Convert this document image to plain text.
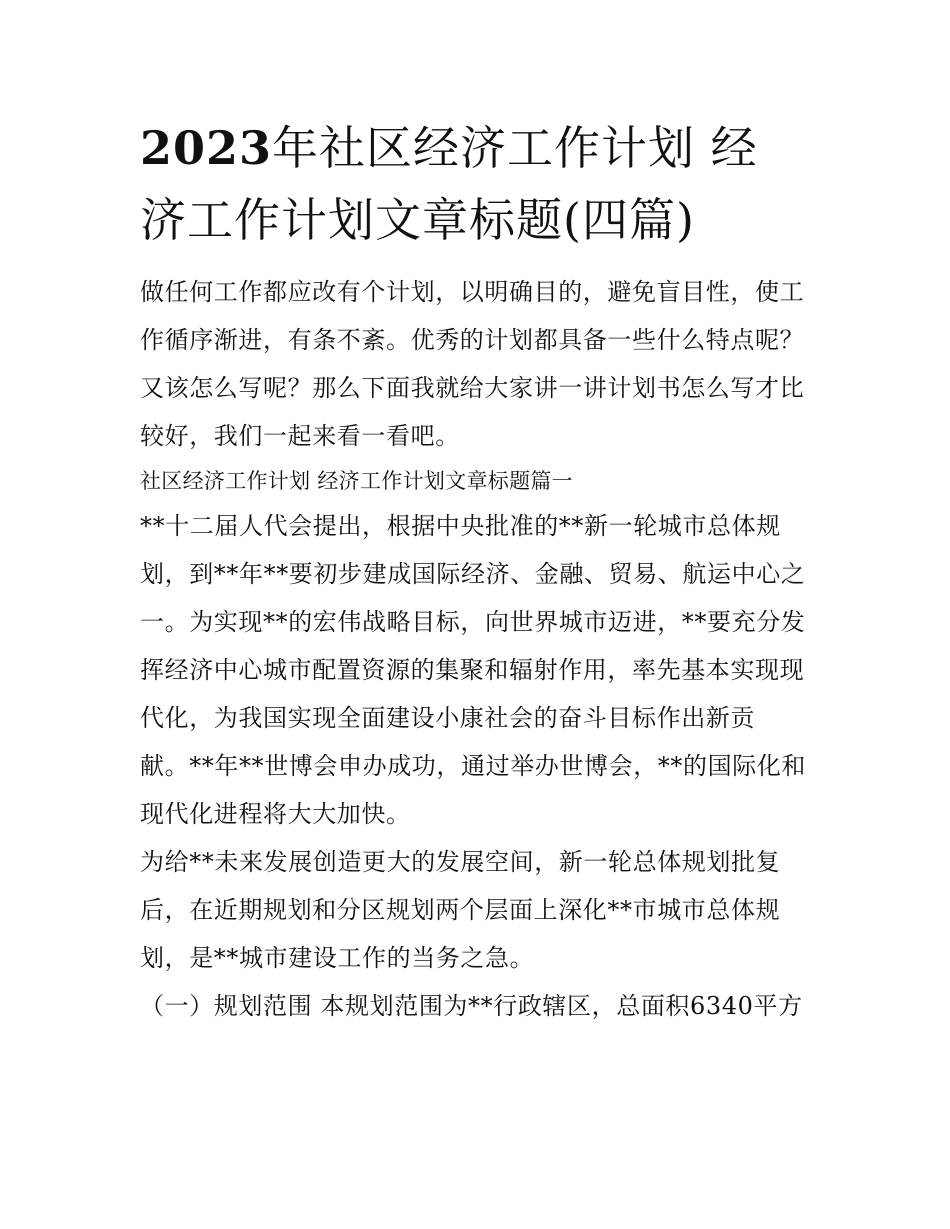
2023年社区经济工作计划 经
济工作计划文章标题(四篇)
做任何工作都应改有个计划，以明确目的，避免盲目性，使工
作循序渐进，有条不紊。优秀的计划都具备一些什么特点呢？
又该怎么写呢？那么下面我就给大家讲一讲计划书怎么写才比
较好，我们一起来看一看吧。
社区经济工作计划 经济工作计划文章标题篇一
**十二届人代会提出，根据中央批准的**新一轮城市总体规
划，到**年**要初步建成国际经济、金融、贸易、航运中心之
一。为实现**的宏伟战略目标，向世界城市迈进，**要充分发
挥经济中心城市配置资源的集聚和辐射作用，率先基本实现现
代化，为我国实现全面建设小康社会的奋斗目标作出新贡
献。**年**世博会申办成功，通过举办世博会，**的国际化和
现代化进程将大大加快。
为给**未来发展创造更大的发展空间，新一轮总体规划批复
后，在近期规划和分区规划两个层面上深化**市城市总体规
划，是**城市建设工作的当务之急。
（一）规划范围 本规划范围为**行政辖区，总面积6340平方
